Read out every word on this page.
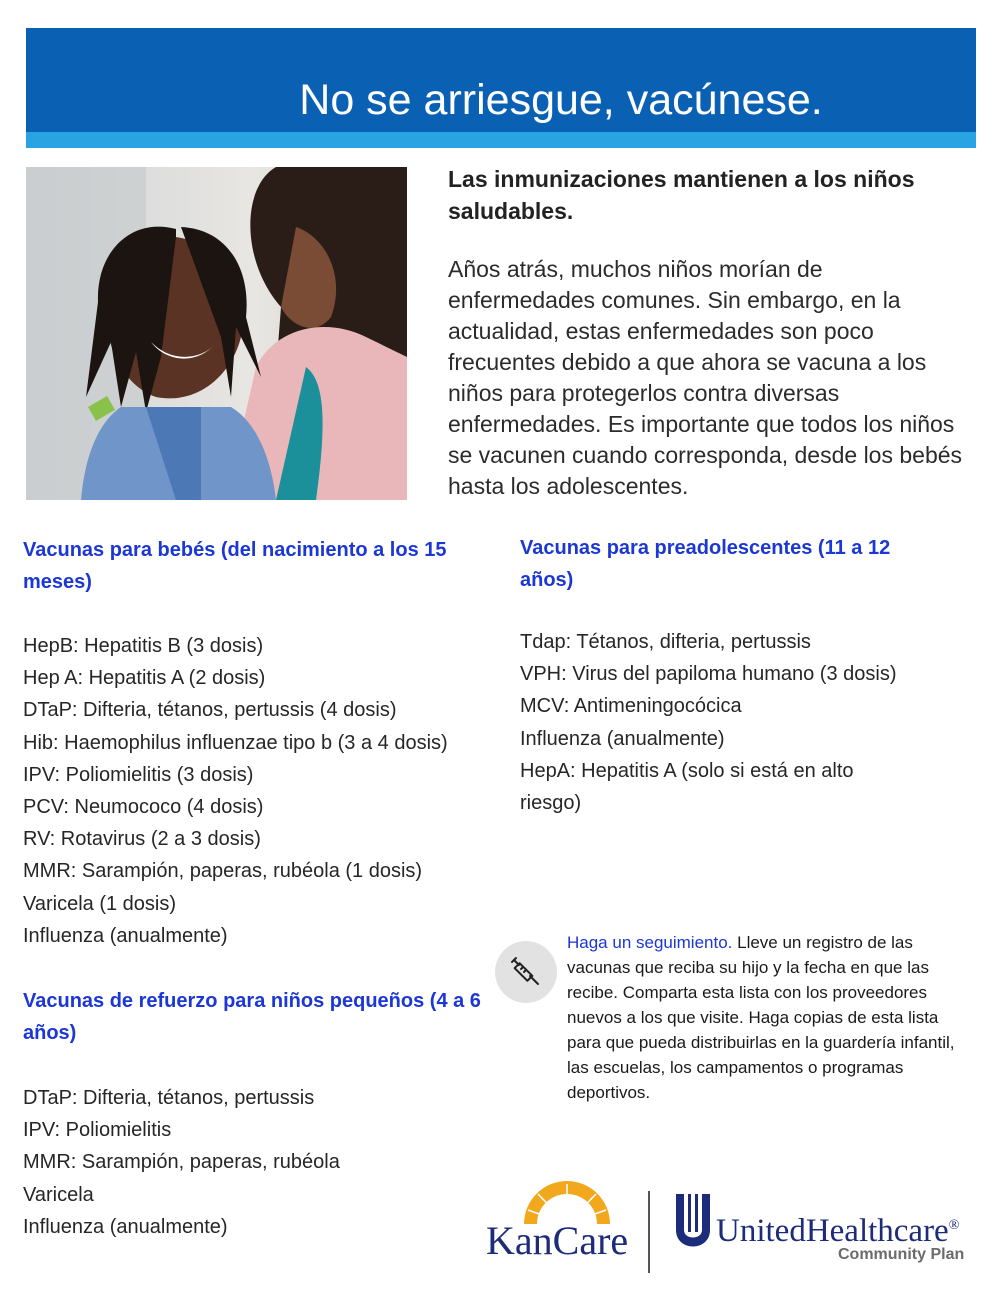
No se arriesgue, vacúnese.
Las inmunizaciones mantienen a los niños saludables.
Años atrás, muchos niños morían de enfermedades comunes. Sin embargo, en la actualidad, estas enfermedades son poco frecuentes debido a que ahora se vacuna a los niños para protegerlos contra diversas enfermedades. Es importante que todos los niños se vacunen cuando corresponda, desde los bebés hasta los adolescentes.
Vacunas para bebés (del nacimiento a los 15 meses)
HepB: Hepatitis B (3 dosis)
Hep A: Hepatitis A (2 dosis)
DTaP: Difteria, tétanos, pertussis (4 dosis)
Hib: Haemophilus influenzae tipo b (3 a 4 dosis)
IPV: Poliomielitis (3 dosis)
PCV: Neumococo (4 dosis)
RV: Rotavirus (2 a 3 dosis)
MMR: Sarampión, paperas, rubéola (1 dosis)
Varicela (1 dosis)
Influenza (anualmente)
Vacunas de refuerzo para niños pequeños (4 a 6 años)
DTaP: Difteria, tétanos, pertussis
IPV: Poliomielitis
MMR: Sarampión, paperas, rubéola
Varicela
Influenza (anualmente)
Vacunas para preadolescentes (11 a 12 años)
Tdap: Tétanos, difteria, pertussis
VPH: Virus del papiloma humano (3 dosis)
MCV: Antimeningocócica
Influenza (anualmente)
HepA: Hepatitis A (solo si está en alto riesgo)
Haga un seguimiento. Lleve un registro de las vacunas que reciba su hijo y la fecha en que las recibe. Comparta esta lista con los proveedores nuevos a los que visite. Haga copias de esta lista para que pueda distribuirlas en la guardería infantil, las escuelas, los campamentos o programas deportivos.
KanCare	UnitedHealthcare®
Community Plan
